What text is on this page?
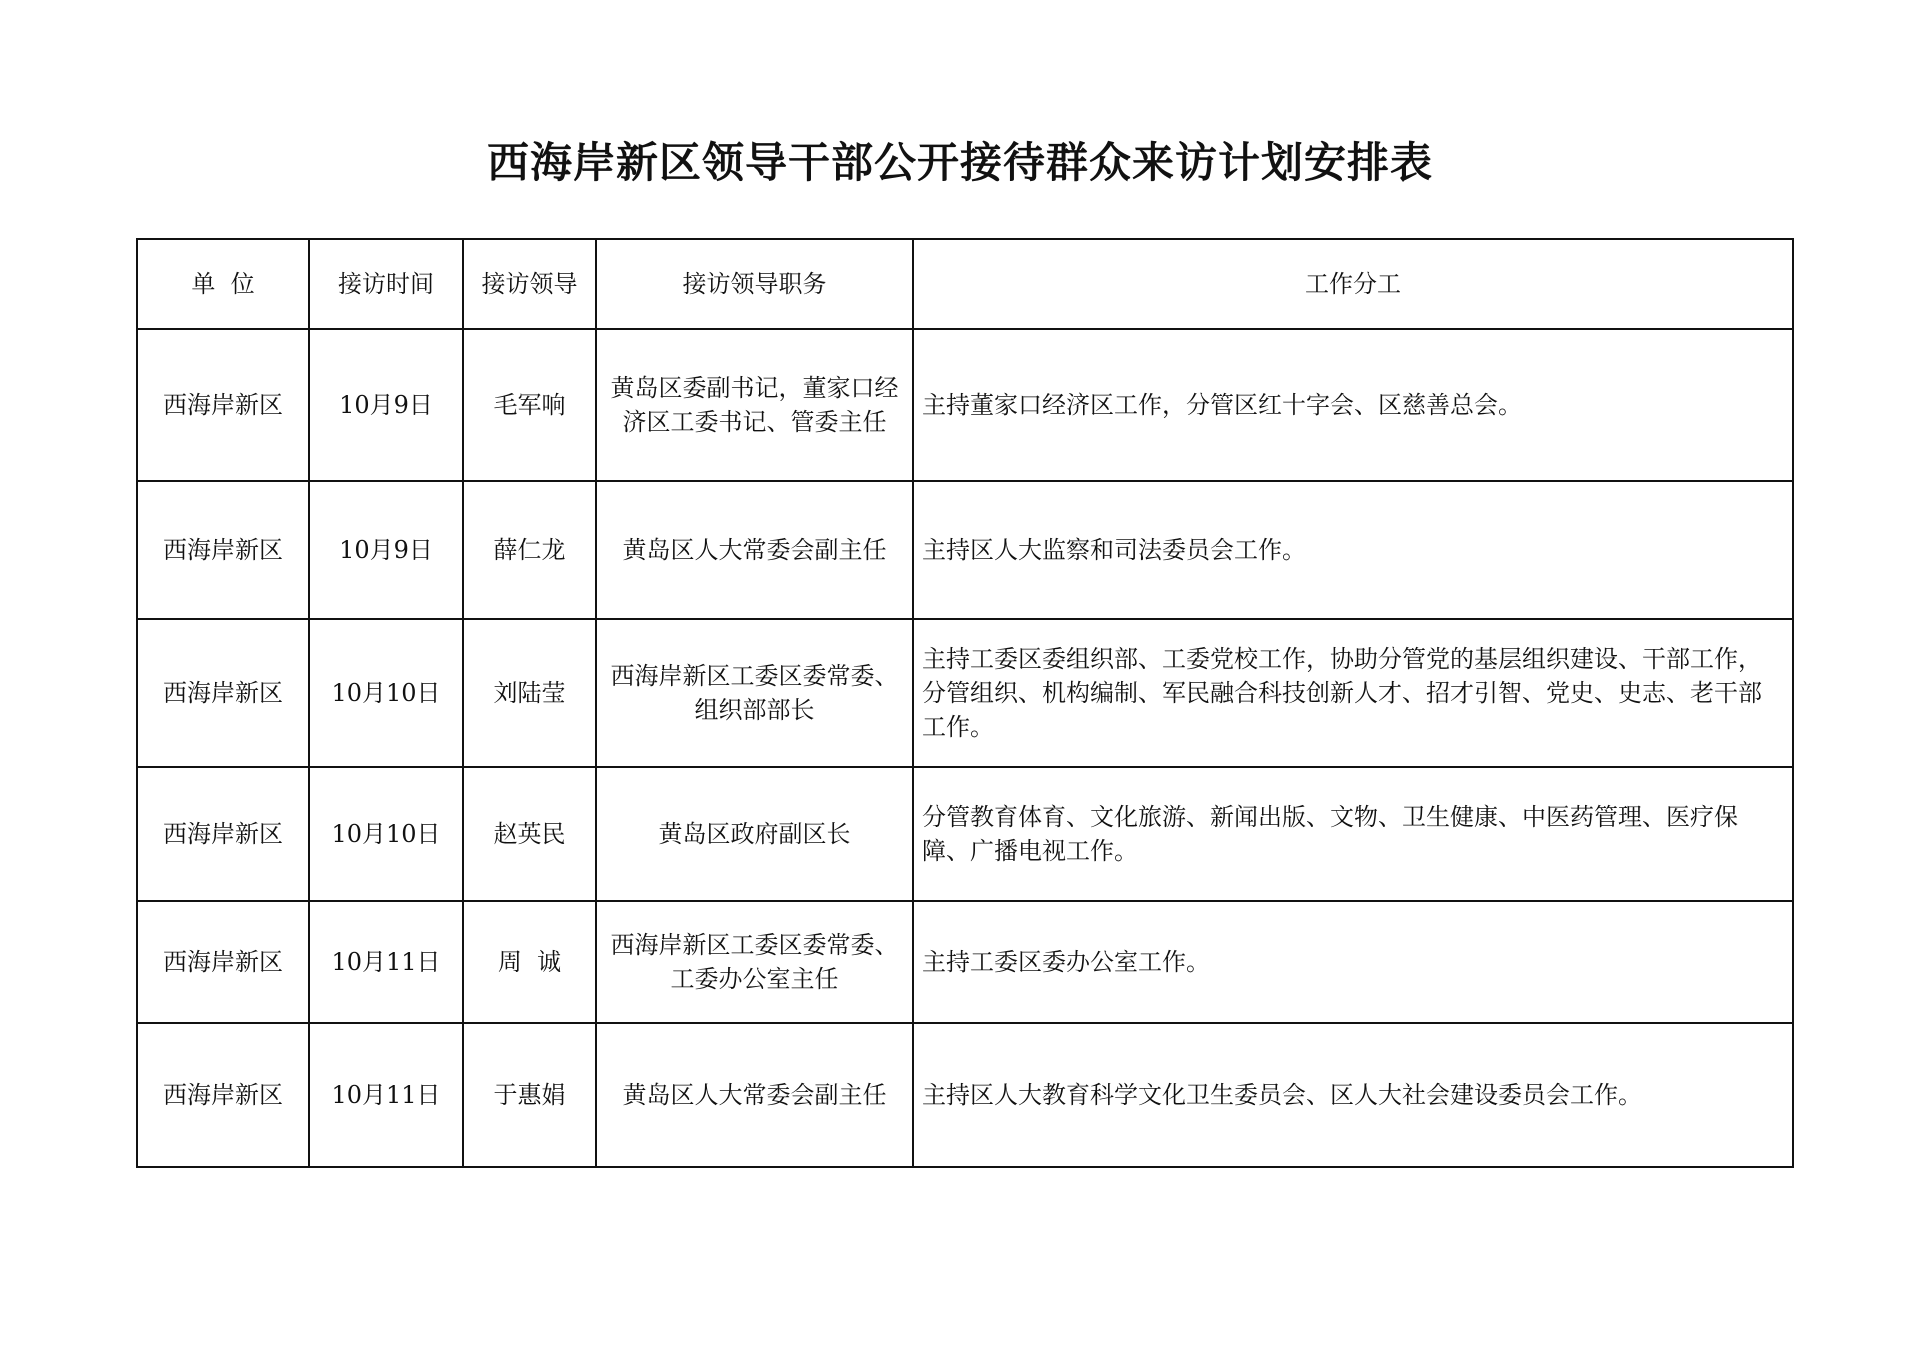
西海岸新区领导干部公开接待群众来访计划安排表
单  位	接访时间	接访领导	接访领导职务	工作分工
西海岸新区	10月9日	毛军响	黄岛区委副书记，董家口经济区工委书记、管委主任	主持董家口经济区工作，分管区红十字会、区慈善总会。
西海岸新区	10月9日	薛仁龙	黄岛区人大常委会副主任	主持区人大监察和司法委员会工作。
西海岸新区	10月10日	刘陆莹	西海岸新区工委区委常委、组织部部长	主持工委区委组织部、工委党校工作，协助分管党的基层组织建设、干部工作，分管组织、机构编制、军民融合科技创新人才、招才引智、党史、史志、老干部工作。
西海岸新区	10月10日	赵英民	黄岛区政府副区长	分管教育体育、文化旅游、新闻出版、文物、卫生健康、中医药管理、医疗保障、广播电视工作。
西海岸新区	10月11日	周  诚	西海岸新区工委区委常委、工委办公室主任	主持工委区委办公室工作。
西海岸新区	10月11日	于惠娟	黄岛区人大常委会副主任	主持区人大教育科学文化卫生委员会、区人大社会建设委员会工作。
